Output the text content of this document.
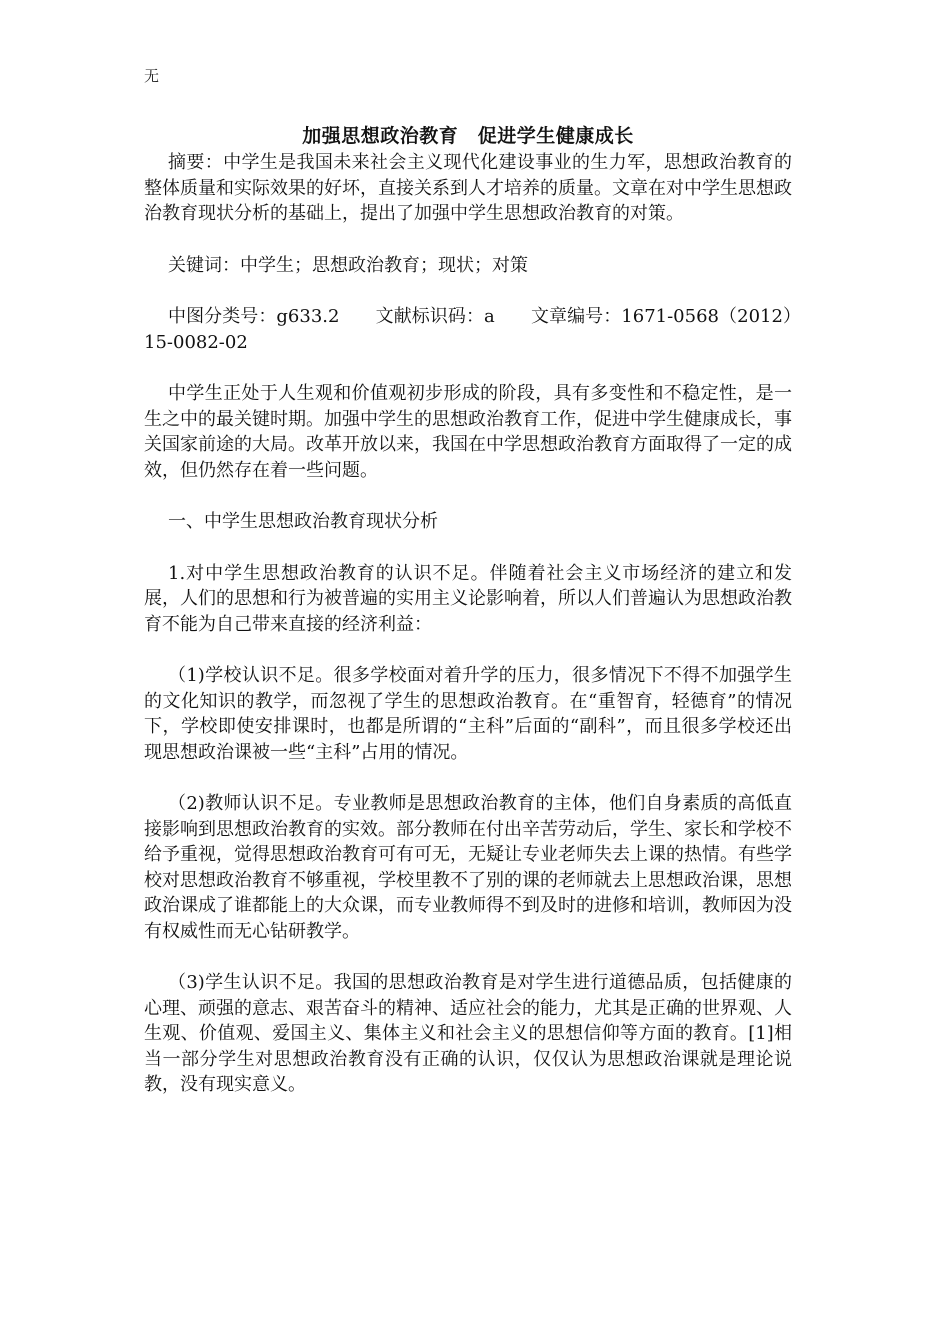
无
加强思想政治教育　促进学生健康成长

摘要：中学生是我国未来社会主义现代化建设事业的生力军，思想政治教育的整体质量和实际效果的好坏，直接关系到人才培养的质量。文章在对中学生思想政治教育现状分析的基础上，提出了加强中学生思想政治教育的对策。

关键词：中学生；思想政治教育；现状；对策

中图分类号：g633.2　　文献标识码：a　　文章编号：1671-0568（2012）15-0082-02

中学生正处于人生观和价值观初步形成的阶段，具有多变性和不稳定性，是一生之中的最关键时期。加强中学生的思想政治教育工作，促进中学生健康成长，事关国家前途的大局。改革开放以来，我国在中学思想政治教育方面取得了一定的成效，但仍然存在着一些问题。

一、中学生思想政治教育现状分析

1.对中学生思想政治教育的认识不足。伴随着社会主义市场经济的建立和发展，人们的思想和行为被普遍的实用主义论影响着，所以人们普遍认为思想政治教育不能为自己带来直接的经济利益：

（1)学校认识不足。很多学校面对着升学的压力，很多情况下不得不加强学生的文化知识的教学，而忽视了学生的思想政治教育。在“重智育，轻德育”的情况下，学校即使安排课时，也都是所谓的“主科”后面的“副科”，而且很多学校还出现思想政治课被一些“主科”占用的情况。

（2)教师认识不足。专业教师是思想政治教育的主体，他们自身素质的高低直接影响到思想政治教育的实效。部分教师在付出辛苦劳动后，学生、家长和学校不给予重视，觉得思想政治教育可有可无，无疑让专业老师失去上课的热情。有些学校对思想政治教育不够重视，学校里教不了别的课的老师就去上思想政治课，思想政治课成了谁都能上的大众课，而专业教师得不到及时的进修和培训，教师因为没有权威性而无心钻研教学。

（3)学生认识不足。我国的思想政治教育是对学生进行道德品质，包括健康的心理、顽强的意志、艰苦奋斗的精神、适应社会的能力，尤其是正确的世界观、人生观、价值观、爱国主义、集体主义和社会主义的思想信仰等方面的教育。[1]相当一部分学生对思想政治教育没有正确的认识，仅仅认为思想政治课就是理论说教，没有现实意义。
